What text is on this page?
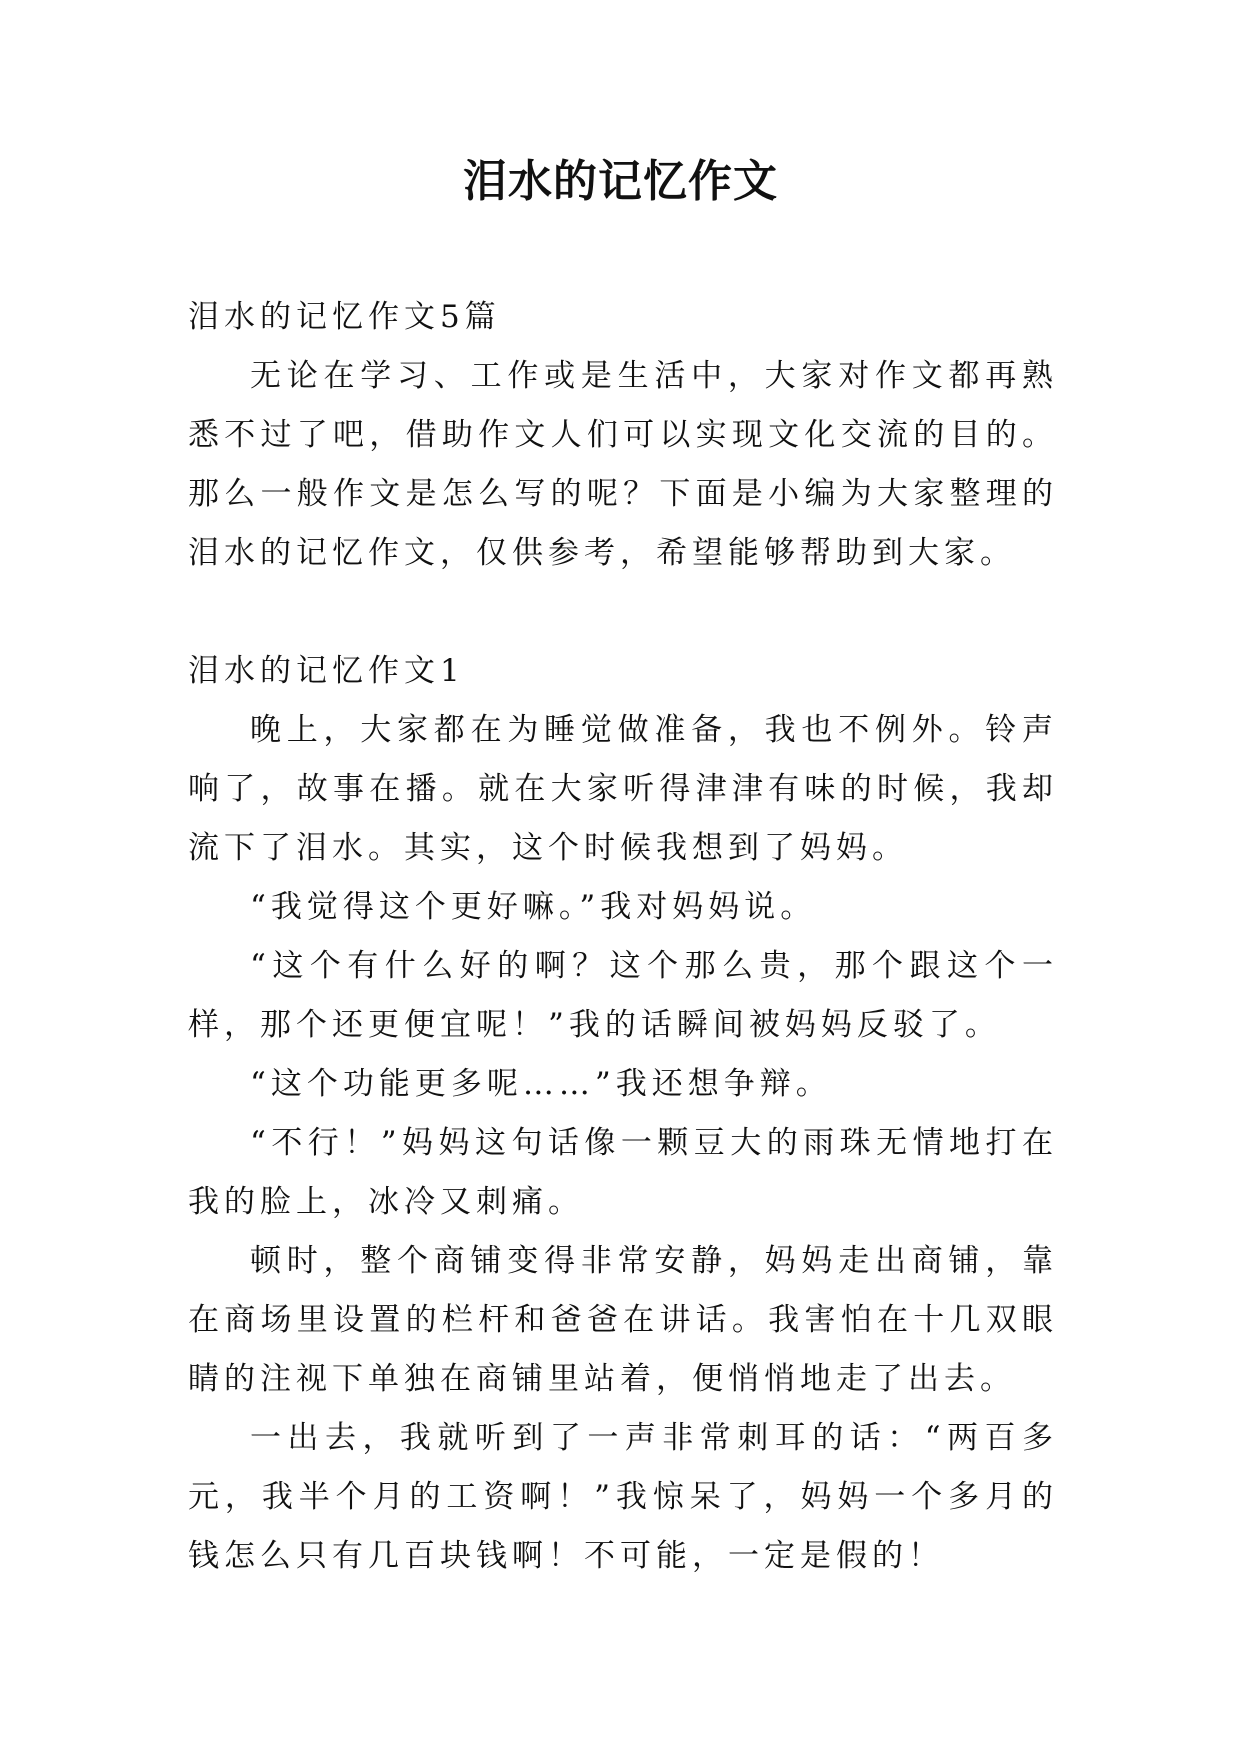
泪水的记忆作文

泪水的记忆作文5篇

无论在学习、工作或是生活中，大家对作文都再熟悉不过了吧，借助作文人们可以实现文化交流的目的。那么一般作文是怎么写的呢？下面是小编为大家整理的泪水的记忆作文，仅供参考，希望能够帮助到大家。

泪水的记忆作文1

晚上，大家都在为睡觉做准备，我也不例外。铃声响了，故事在播。就在大家听得津津有味的时候，我却流下了泪水。其实，这个时候我想到了妈妈。

“我觉得这个更好嘛。”我对妈妈说。

“这个有什么好的啊？这个那么贵，那个跟这个一样，那个还更便宜呢！”我的话瞬间被妈妈反驳了。

“这个功能更多呢……”我还想争辩。

“不行！”妈妈这句话像一颗豆大的雨珠无情地打在我的脸上，冰冷又刺痛。

顿时，整个商铺变得非常安静，妈妈走出商铺，靠在商场里设置的栏杆和爸爸在讲话。我害怕在十几双眼睛的注视下单独在商铺里站着，便悄悄地走了出去。

一出去，我就听到了一声非常刺耳的话：“两百多元，我半个月的工资啊！”我惊呆了，妈妈一个多月的钱怎么只有几百块钱啊！不可能，一定是假的！
